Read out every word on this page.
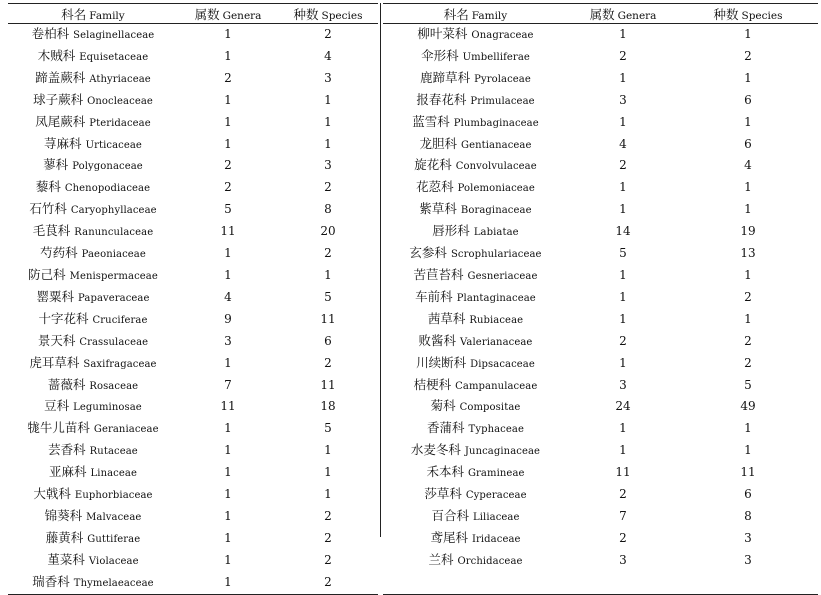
科名 Family	属数 Genera	种数 Species
卷柏科 Selaginellaceae	1	2
木贼科 Equisetaceae	1	4
蹄盖蕨科 Athyriaceae	2	3
球子蕨科 Onocleaceae	1	1
凤尾蕨科 Pteridaceae	1	1
荨麻科 Urticaceae	1	1
蓼科 Polygonaceae	2	3
藜科 Chenopodiaceae	2	2
石竹科 Caryophyllaceae	5	8
毛茛科 Ranunculaceae	11	20
芍药科 Paeoniaceae	1	2
防己科 Menispermaceae	1	1
罂粟科 Papaveraceae	4	5
十字花科 Cruciferae	9	11
景天科 Crassulaceae	3	6
虎耳草科 Saxifragaceae	1	2
蔷薇科 Rosaceae	7	11
豆科 Leguminosae	11	18
牻牛儿苗科 Geraniaceae	1	5
芸香科 Rutaceae	1	1
亚麻科 Linaceae	1	1
大戟科 Euphorbiaceae	1	1
锦葵科 Malvaceae	1	2
藤黄科 Guttiferae	1	2
堇菜科 Violaceae	1	2
瑞香科 Thymelaeaceae	1	2
科名 Family	属数 Genera	种数 Species
柳叶菜科 Onagraceae	1	1
伞形科 Umbelliferae	2	2
鹿蹄草科 Pyrolaceae	1	1
报春花科 Primulaceae	3	6
蓝雪科 Plumbaginaceae	1	1
龙胆科 Gentianaceae	4	6
旋花科 Convolvulaceae	2	4
花荵科 Polemoniaceae	1	1
紫草科 Boraginaceae	1	1
唇形科 Labiatae	14	19
玄参科 Scrophulariaceae	5	13
苦苣苔科 Gesneriaceae	1	1
车前科 Plantaginaceae	1	2
茜草科 Rubiaceae	1	1
败酱科 Valerianaceae	2	2
川续断科 Dipsacaceae	1	2
桔梗科 Campanulaceae	3	5
菊科 Compositae	24	49
香蒲科 Typhaceae	1	1
水麦冬科 Juncaginaceae	1	1
禾本科 Gramineae	11	11
莎草科 Cyperaceae	2	6
百合科 Liliaceae	7	8
鸢尾科 Iridaceae	2	3
兰科 Orchidaceae	3	3
